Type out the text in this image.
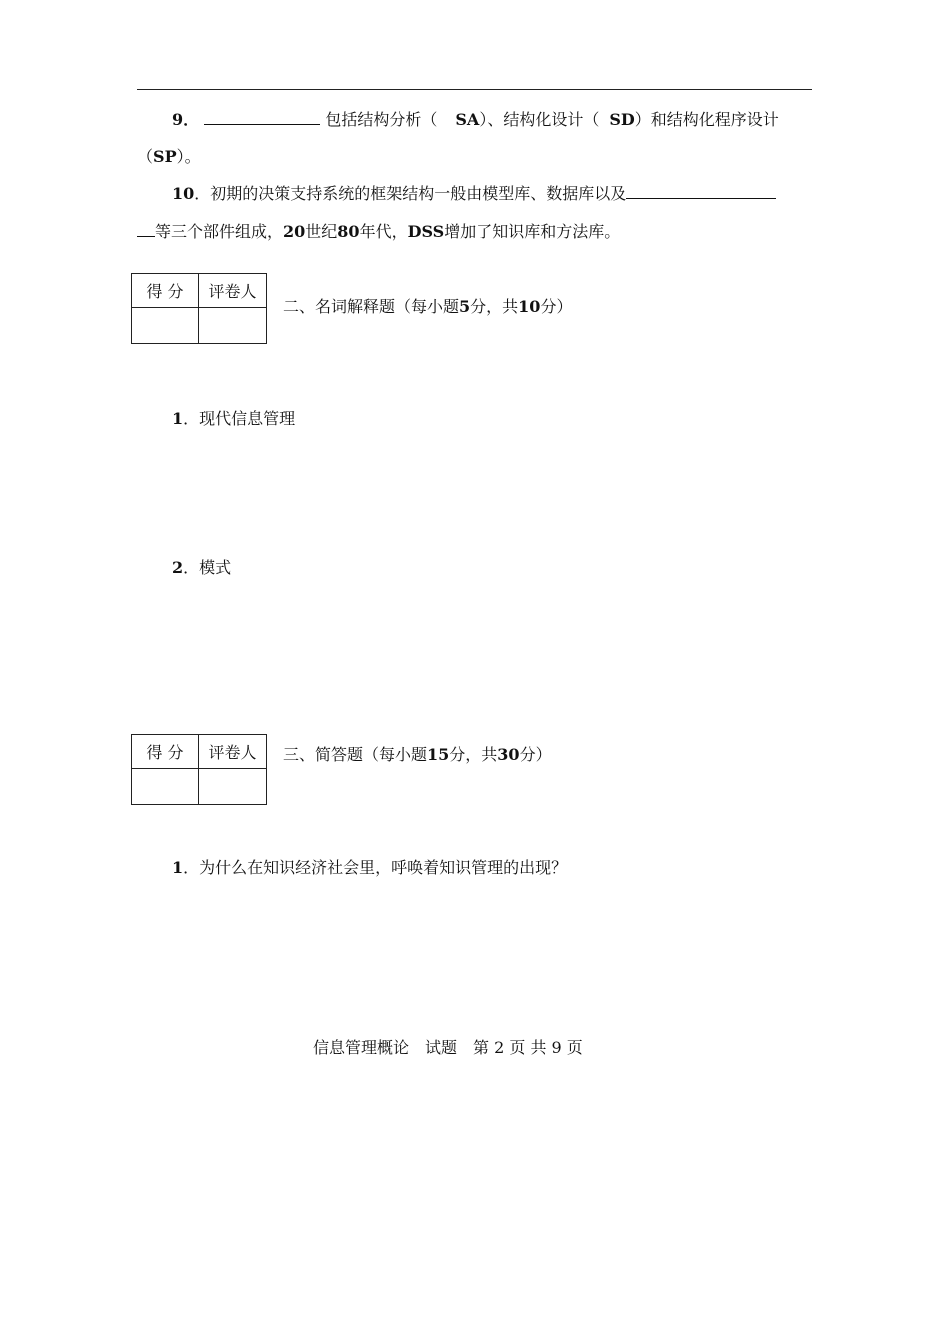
9．	包括结构分析（ SA）、结构化设计（ SD）和结构化程序设计
（SP）。
10．初期的决策支持系统的框架结构一般由模型库、数据库以及
等三个部件组成，20世纪80年代，DSS增加了知识库和方法库。
得 分	评卷人

二、名词解释题（每小题5分，共10分）
1．现代信息管理
2．模式
得 分	评卷人
	三、简答题（每小题15分，共30分）
1．为什么在知识经济社会里，呼唤着知识管理的出现？
信息管理概论　试题　第 2 页 共 9 页
